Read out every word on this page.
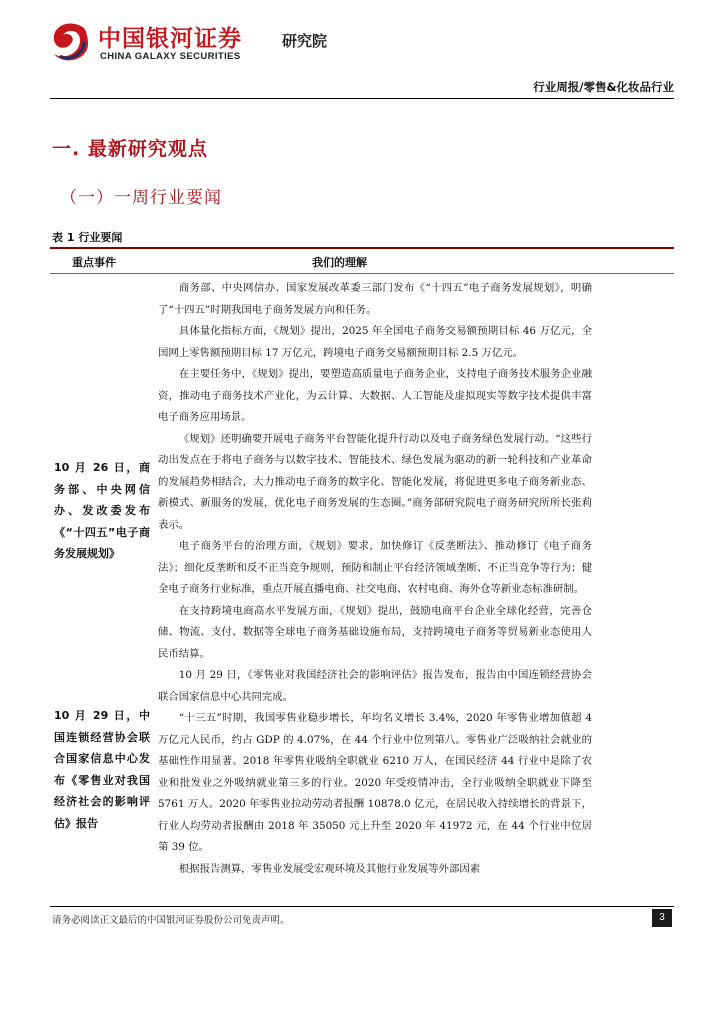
中国银河证券
CHINA GALAXY SECURITIES
研究院
行业周报/零售&化妆品行业
一. 最新研究观点
（一）一周行业要闻
表 1 行业要闻
重点事件	我们的理解
10 月 26 日，商务部、中央网信办、发改委发布《“十四五”电子商务发展规划》

商务部、中央网信办、国家发展改革委三部门发布《“十四五”电子商务发展规划》，明确了“十四五”时期我国电子商务发展方向和任务。

具体量化指标方面，《规划》提出，2025 年全国电子商务交易额预期目标 46 万亿元，全国网上零售额预期目标 17 万亿元，跨境电子商务交易额预期目标 2.5 万亿元。

在主要任务中，《规划》提出，要塑造高质量电子商务企业，支持电子商务技术服务企业融资，推动电子商务技术产业化，为云计算、大数据、人工智能及虚拟现实等数字技术提供丰富电子商务应用场景。

《规划》还明确要开展电子商务平台智能化提升行动以及电子商务绿色发展行动。“这些行动出发点在于将电子商务与以数字技术、智能技术、绿色发展为驱动的新一轮科技和产业革命的发展趋势相结合，大力推动电子商务的数字化、智能化发展，将促进更多电子商务新业态、新模式、新服务的发展，优化电子商务发展的生态圈。”商务部研究院电子商务研究所所长张莉表示。

电子商务平台的治理方面，《规划》要求，加快修订《反垄断法》、推动修订《电子商务法》；细化反垄断和反不正当竞争规则，预防和制止平台经济领域垄断、不正当竞争等行为；健全电子商务行业标准，重点开展直播电商、社交电商、农村电商、海外仓等新业态标准研制。

在支持跨境电商高水平发展方面，《规划》提出，鼓励电商平台企业全球化经营，完善仓储、物流、支付、数据等全球电子商务基础设施布局，支持跨境电子商务等贸易新业态使用人民币结算。

10 月 29 日，中国连锁经营协会联合国家信息中心发布《零售业对我国经济社会的影响评估》报告

10 月 29 日，《零售业对我国经济社会的影响评估》报告发布，报告由中国连锁经营协会联合国家信息中心共同完成。

“十三五”时期，我国零售业稳步增长，年均名义增长 3.4%，2020 年零售业增加值超 4 万亿元人民币，约占 GDP 的 4.07%，在 44 个行业中位列第八。零售业广泛吸纳社会就业的基础性作用显著。2018 年零售业吸纳全职就业 6210 万人，在国民经济 44 行业中是除了农业和批发业之外吸纳就业第三多的行业。2020 年受疫情冲击，全行业吸纳全职就业下降至 5761 万人。2020 年零售业拉动劳动者报酬 10878.0 亿元，在居民收入持续增长的背景下，行业人均劳动者报酬由 2018 年 35050 元上升至 2020 年 41972 元，在 44 个行业中位居第 39 位。

根据报告测算，零售业发展受宏观环境及其他行业发展等外部因素

请务必阅读正文最后的中国银河证券股份公司免责声明。	3
